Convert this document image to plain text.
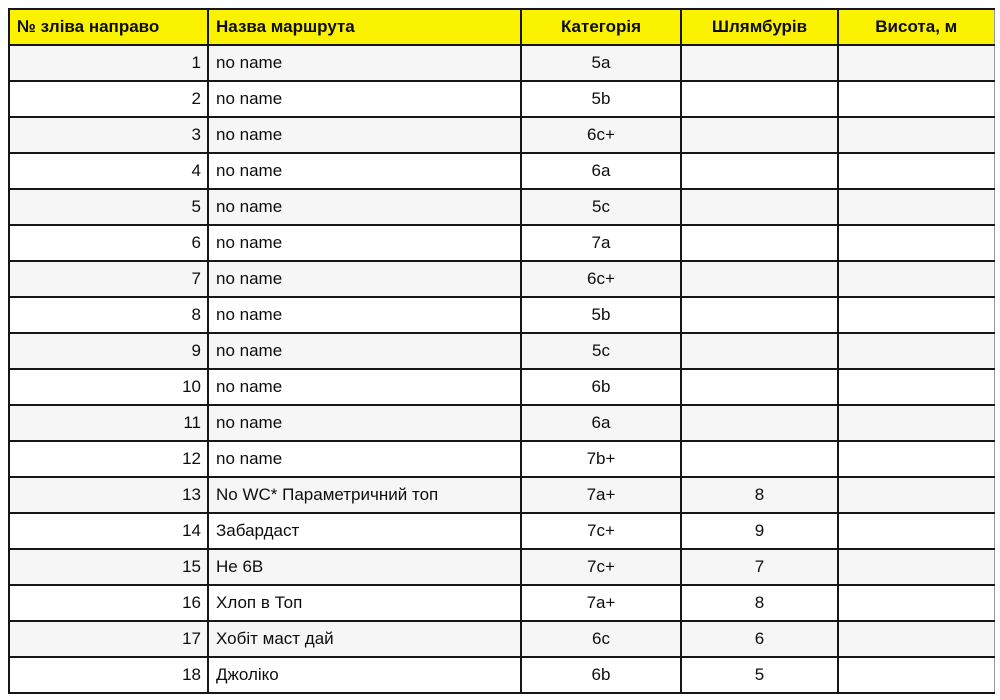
№ зліва направо	Назва маршрута	Категорія	Шлямбурів	Висота, м
1	no name	5a		
2	no name	5b		
3	no name	6c+		
4	no name	6a		
5	no name	5c		
6	no name	7a		
7	no name	6c+		
8	no name	5b		
9	no name	5c		
10	no name	6b		
11	no name	6a		
12	no name	7b+		
13	No WC* Параметричний топ	7a+	8	
14	Забардаст	7c+	9	
15	Не 6В	7c+	7	
16	Хлоп в Топ	7a+	8	
17	Хобіт маст дай	6c	6	
18	Джоліко	6b	5	
